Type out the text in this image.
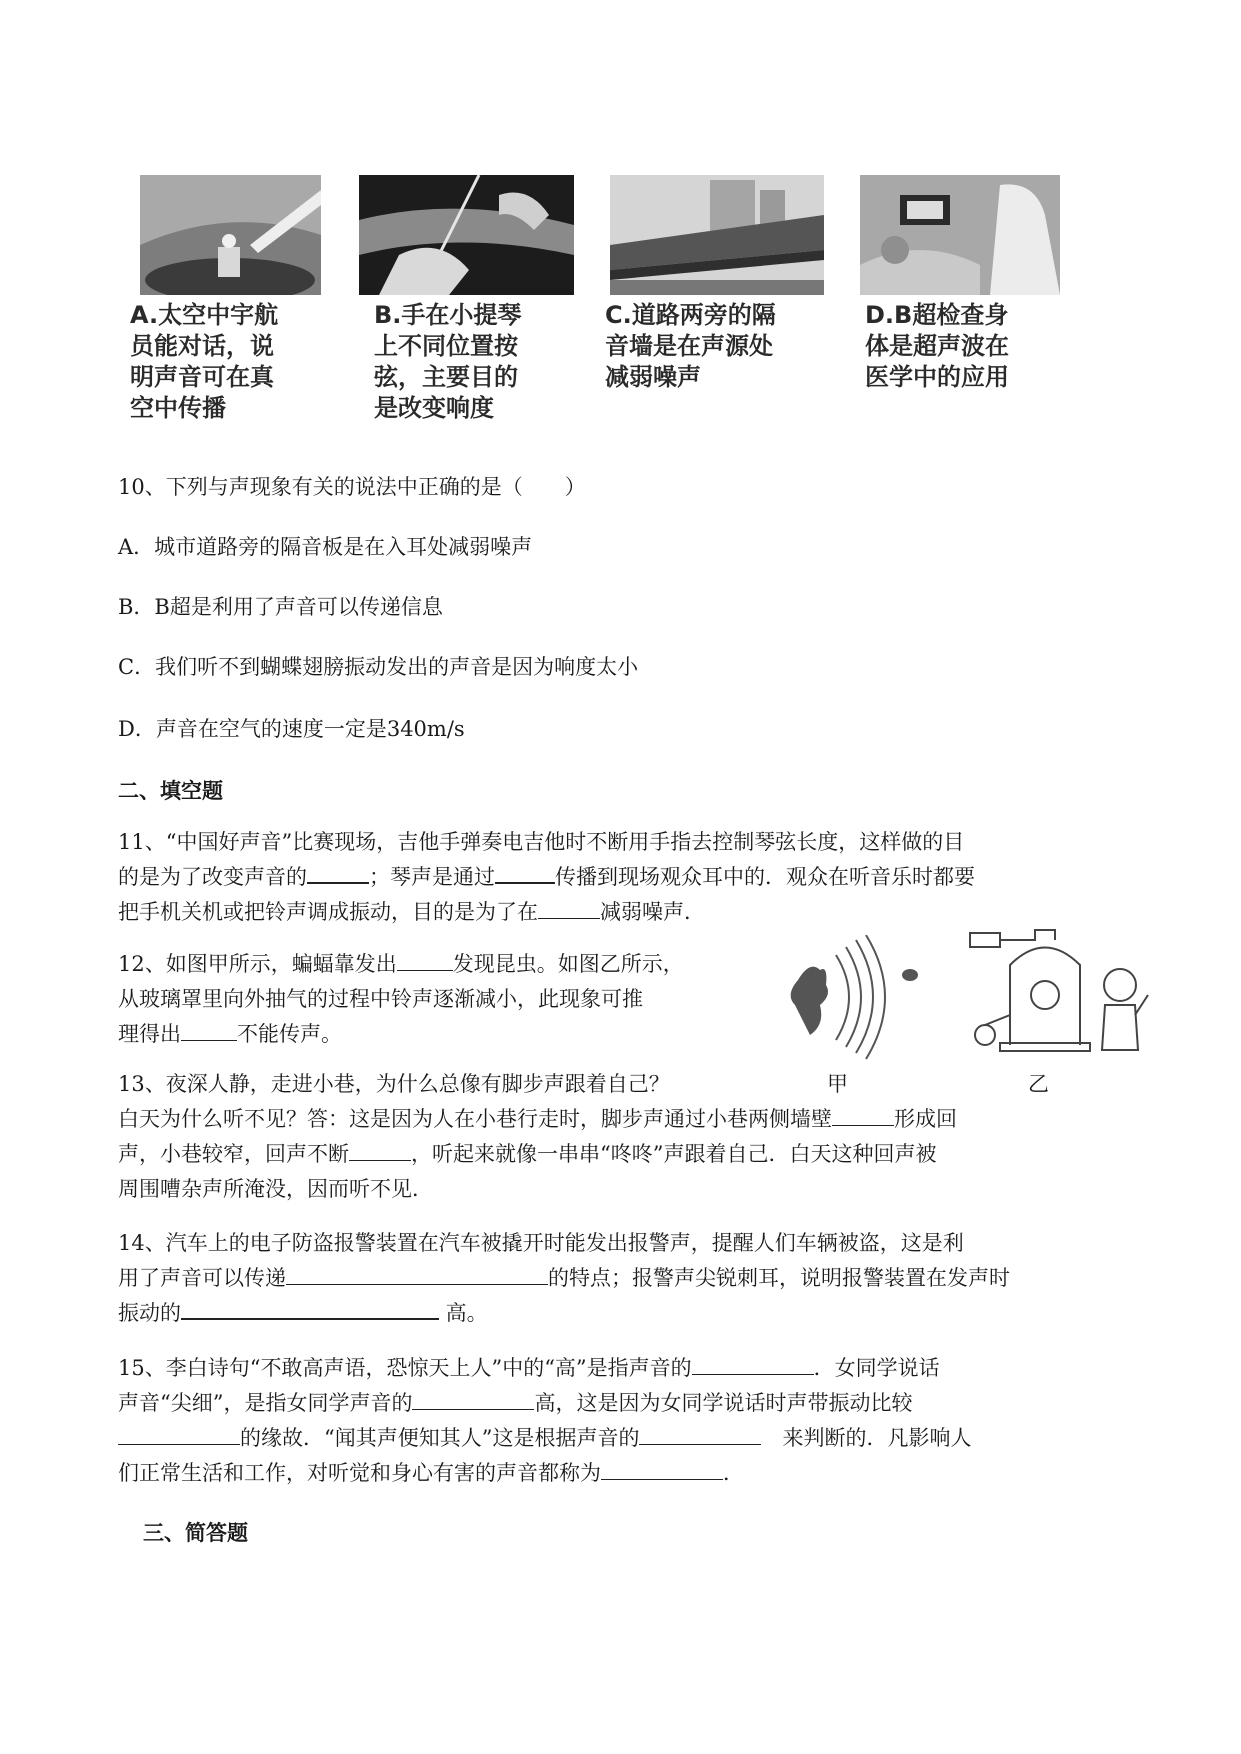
A.太空中宇航
员能对话，说
明声音可在真
空中传播
B.手在小提琴
上不同位置按
弦，主要目的
是改变响度
C.道路两旁的隔
音墙是在声源处
减弱噪声
D.B超检查身
体是超声波在
医学中的应用
10、下列与声现象有关的说法中正确的是（　　）
A．城市道路旁的隔音板是在入耳处减弱噪声
B．B超是利用了声音可以传递信息
C．我们听不到蝴蝶翅膀振动发出的声音是因为响度太小
D．声音在空气的速度一定是340m/s
二、填空题
11、“中国好声音”比赛现场，吉他手弹奏电吉他时不断用手指去控制琴弦长度，这样做的目
的是为了改变声音的	；琴声是通过	传播到现场观众耳中的．观众在听音乐时都要
把手机关机或把铃声调成振动，目的是为了在	减弱噪声．
12、如图甲所示，蝙蝠靠发出	发现昆虫。如图乙所示，
从玻璃罩里向外抽气的过程中铃声逐渐减小，此现象可推
理得出	不能传声。
甲	乙
13、夜深人静，走进小巷，为什么总像有脚步声跟着自己？
白天为什么听不见？答：这是因为人在小巷行走时，脚步声通过小巷两侧墙壁	形成回
声，小巷较窄，回声不断	，听起来就像一串串“咚咚”声跟着自己．白天这种回声被
周围嘈杂声所淹没，因而听不见．
14、汽车上的电子防盗报警装置在汽车被撬开时能发出报警声，提醒人们车辆被盗，这是利
用了声音可以传递	的特点；报警声尖锐刺耳，说明报警装置在发声时
振动的	高。
15、李白诗句“不敢高声语，恐惊天上人”中的“高”是指声音的	．女同学说话
声音“尖细”，是指女同学声音的	高，这是因为女同学说话时声带振动比较
的缘故．“闻其声便知其人”这是根据声音的	　来判断的．凡影响人
们正常生活和工作，对听觉和身心有害的声音都称为	．
三、简答题
